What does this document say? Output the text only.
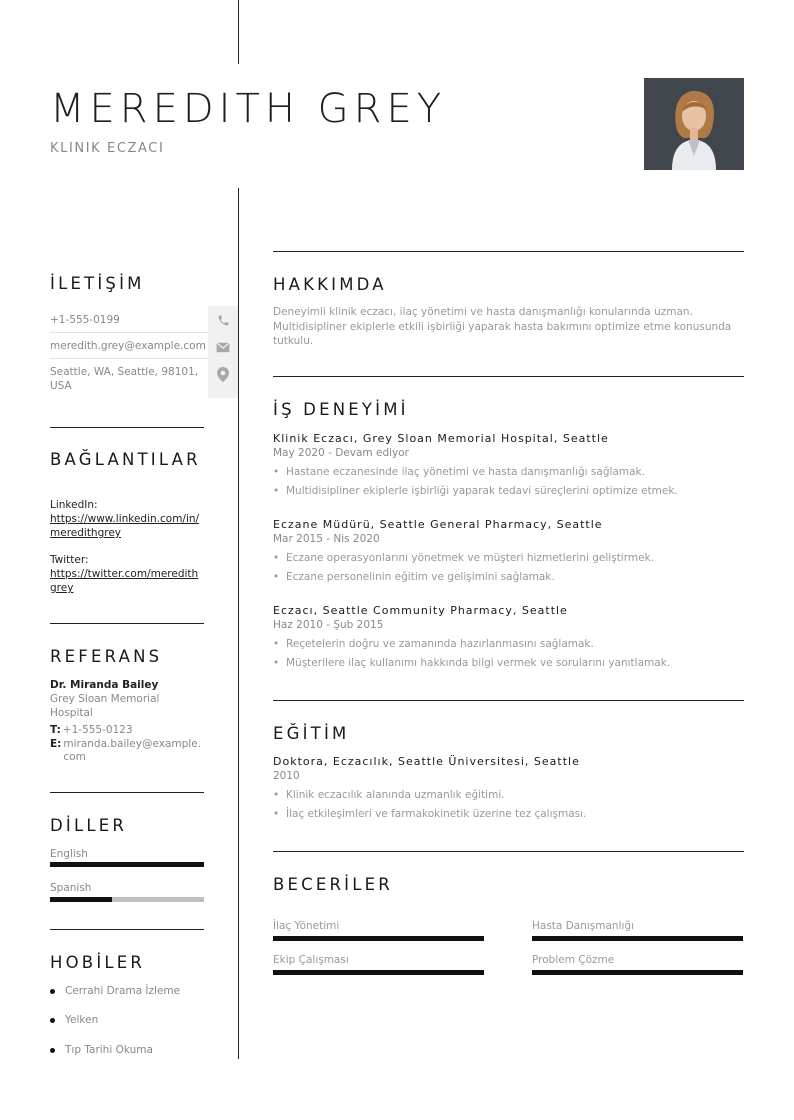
MEREDITH GREY
KLINIK ECZACI
İLETİŞİM
+1-555-0199
meredith.grey@example.com
Seattle, WA, Seattle, 98101, USA
BAĞLANTILAR
LinkedIn:
https://www.linkedin.com/in/meredithgrey
Twitter:
https://twitter.com/meredithgrey
REFERANS
Dr. Miranda Bailey
Grey Sloan Memorial Hospital
T: +1-555-0123
E: miranda.bailey@example.com
DİLLER
English
Spanish
HOBİLER
Cerrahi Drama İzleme
Yelken
Tıp Tarihi Okuma
HAKKIMDA
Deneyimli klinik eczacı, ilaç yönetimi ve hasta danışmanlığı konularında uzman. Multidisipliner ekiplerle etkili işbirliği yaparak hasta bakımını optimize etme konusunda tutkulu.
İŞ DENEYİMİ
Klinik Eczacı, Grey Sloan Memorial Hospital, Seattle
May 2020 - Devam ediyor
• Hastane eczanesinde ilaç yönetimi ve hasta danışmanlığı sağlamak.
• Multidisipliner ekiplerle işbirliği yaparak tedavi süreçlerini optimize etmek.
Eczane Müdürü, Seattle General Pharmacy, Seattle
Mar 2015 - Nis 2020
• Eczane operasyonlarını yönetmek ve müşteri hizmetlerini geliştirmek.
• Eczane personelinin eğitim ve gelişimini sağlamak.
Eczacı, Seattle Community Pharmacy, Seattle
Haz 2010 - Şub 2015
• Reçetelerin doğru ve zamanında hazırlanmasını sağlamak.
• Müşterilere ilaç kullanımı hakkında bilgi vermek ve sorularını yanıtlamak.
EĞİTİM
Doktora, Eczacılık, Seattle Üniversitesi, Seattle
2010
• Klinik eczacılık alanında uzmanlık eğitimi.
• İlaç etkileşimleri ve farmakokinetik üzerine tez çalışması.
BECERİLER
İlaç Yönetimi	Hasta Danışmanlığı
Ekip Çalışması	Problem Çözme
